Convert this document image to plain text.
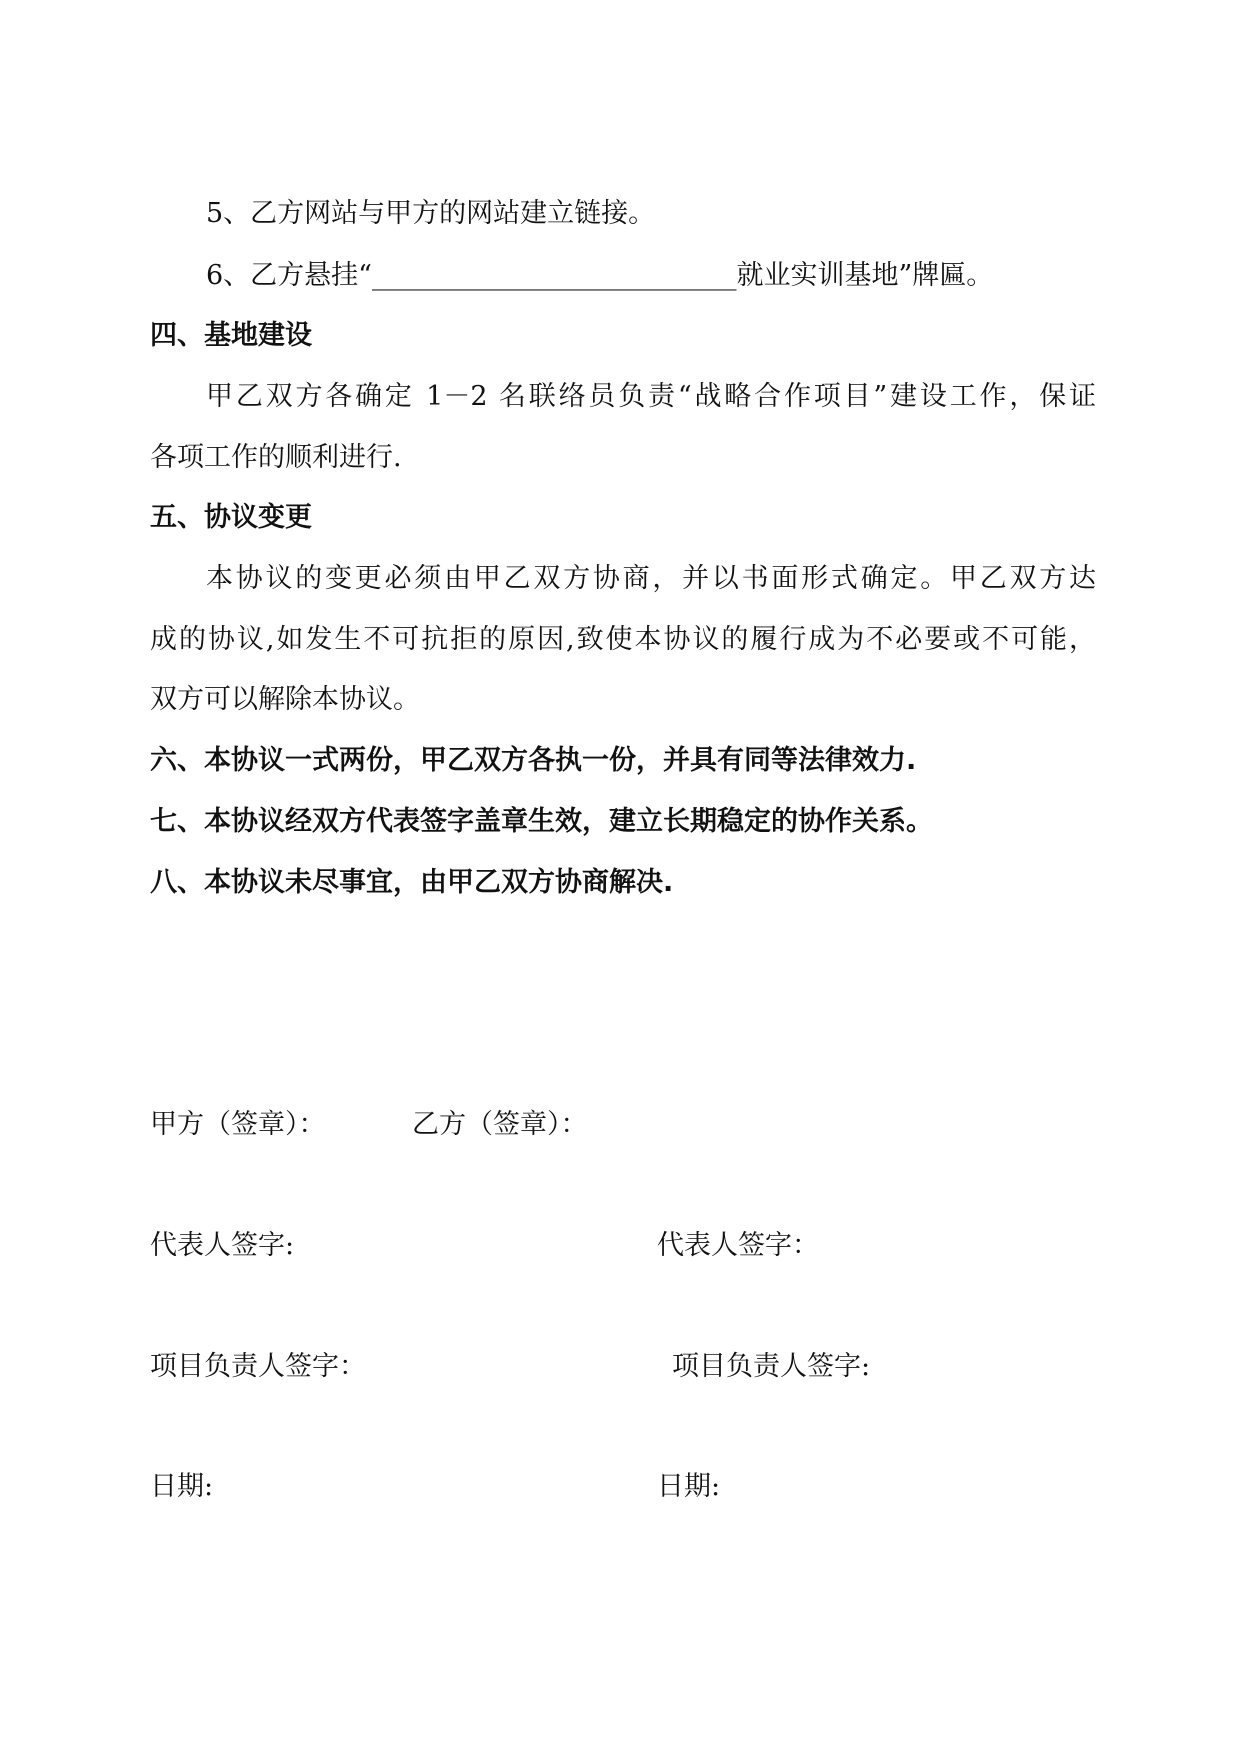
5、乙方网站与甲方的网站建立链接。
6、乙方悬挂“___________________________就业实训基地”牌匾。
四、基地建设
甲乙双方各确定 1－2 名联络员负责“战略合作项目”建设工作，保证
各项工作的顺利进行.
五、协议变更
本协议的变更必须由甲乙双方协商，并以书面形式确定。甲乙双方达
成的协议,如发生不可抗拒的原因,致使本协议的履行成为不必要或不可能，
双方可以解除本协议。
六、本协议一式两份，甲乙双方各执一份，并具有同等法律效力.
七、本协议经双方代表签字盖章生效，建立长期稳定的协作关系。
八、本协议未尽事宜，由甲乙双方协商解决.
甲方（签章）：	乙方（签章）：
代表人签字:	代表人签字：
项目负责人签字：	项目负责人签字:
日期:	日期:
